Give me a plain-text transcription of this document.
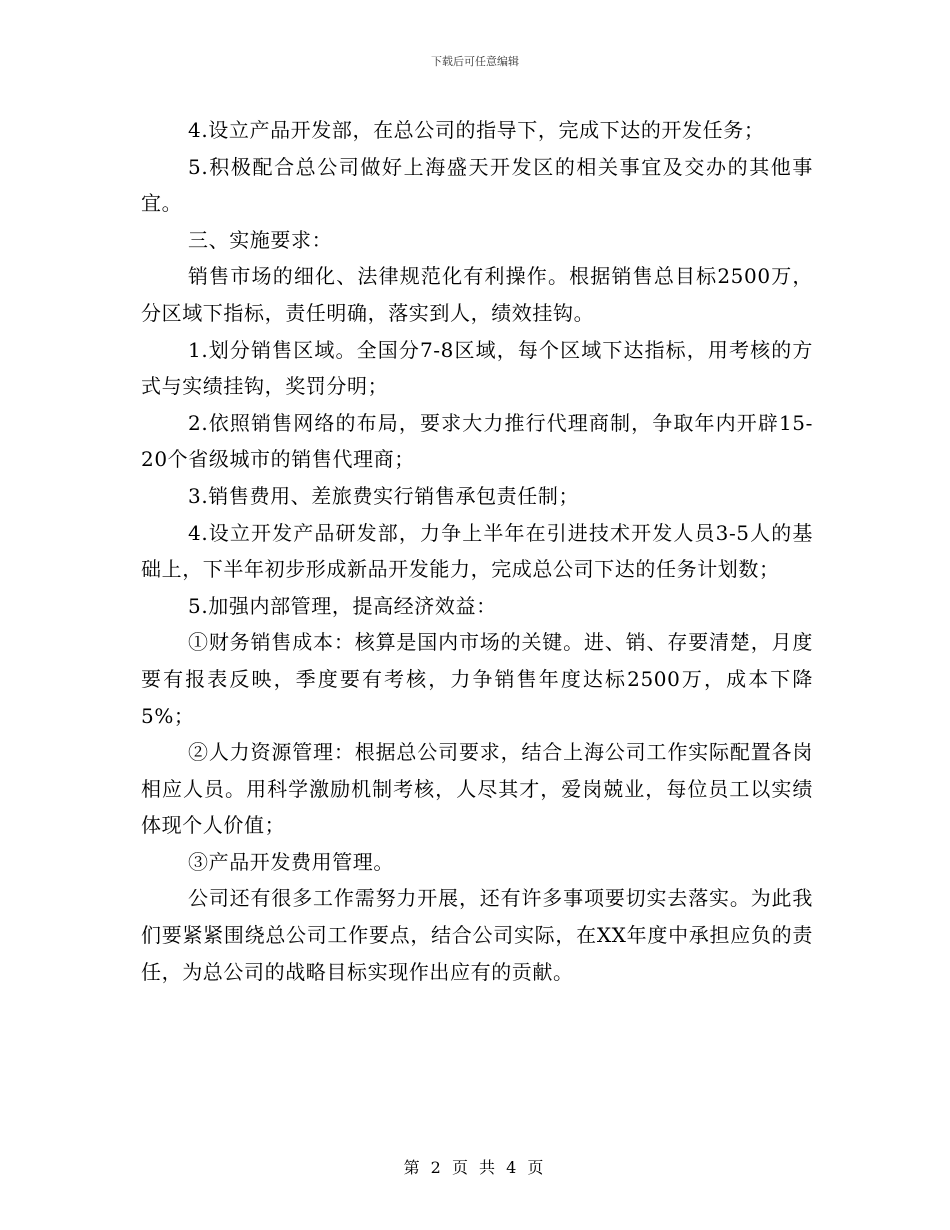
下载后可任意编辑

4.设立产品开发部，在总公司的指导下，完成下达的开发任务；

5.积极配合总公司做好上海盛天开发区的相关事宜及交办的其他事宜。

三、实施要求：

销售市场的细化、法律规范化有利操作。根据销售总目标2500万，分区域下指标，责任明确，落实到人，绩效挂钩。

1.划分销售区域。全国分7-8区域，每个区域下达指标，用考核的方式与实绩挂钩，奖罚分明；

2.依照销售网络的布局，要求大力推行代理商制，争取年内开辟15-20个省级城市的销售代理商；

3.销售费用、差旅费实行销售承包责任制；

4.设立开发产品研发部，力争上半年在引进技术开发人员3-5人的基础上，下半年初步形成新品开发能力，完成总公司下达的任务计划数；

5.加强内部管理，提高经济效益：

①财务销售成本：核算是国内市场的关键。进、销、存要清楚，月度要有报表反映，季度要有考核，力争销售年度达标2500万，成本下降5%；

②人力资源管理：根据总公司要求，结合上海公司工作实际配置各岗相应人员。用科学激励机制考核，人尽其才，爱岗兢业，每位员工以实绩体现个人价值；

③产品开发费用管理。

公司还有很多工作需努力开展，还有许多事项要切实去落实。为此我们要紧紧围绕总公司工作要点，结合公司实际，在XX年度中承担应负的责任，为总公司的战略目标实现作出应有的贡献。

第 2 页 共 4 页
